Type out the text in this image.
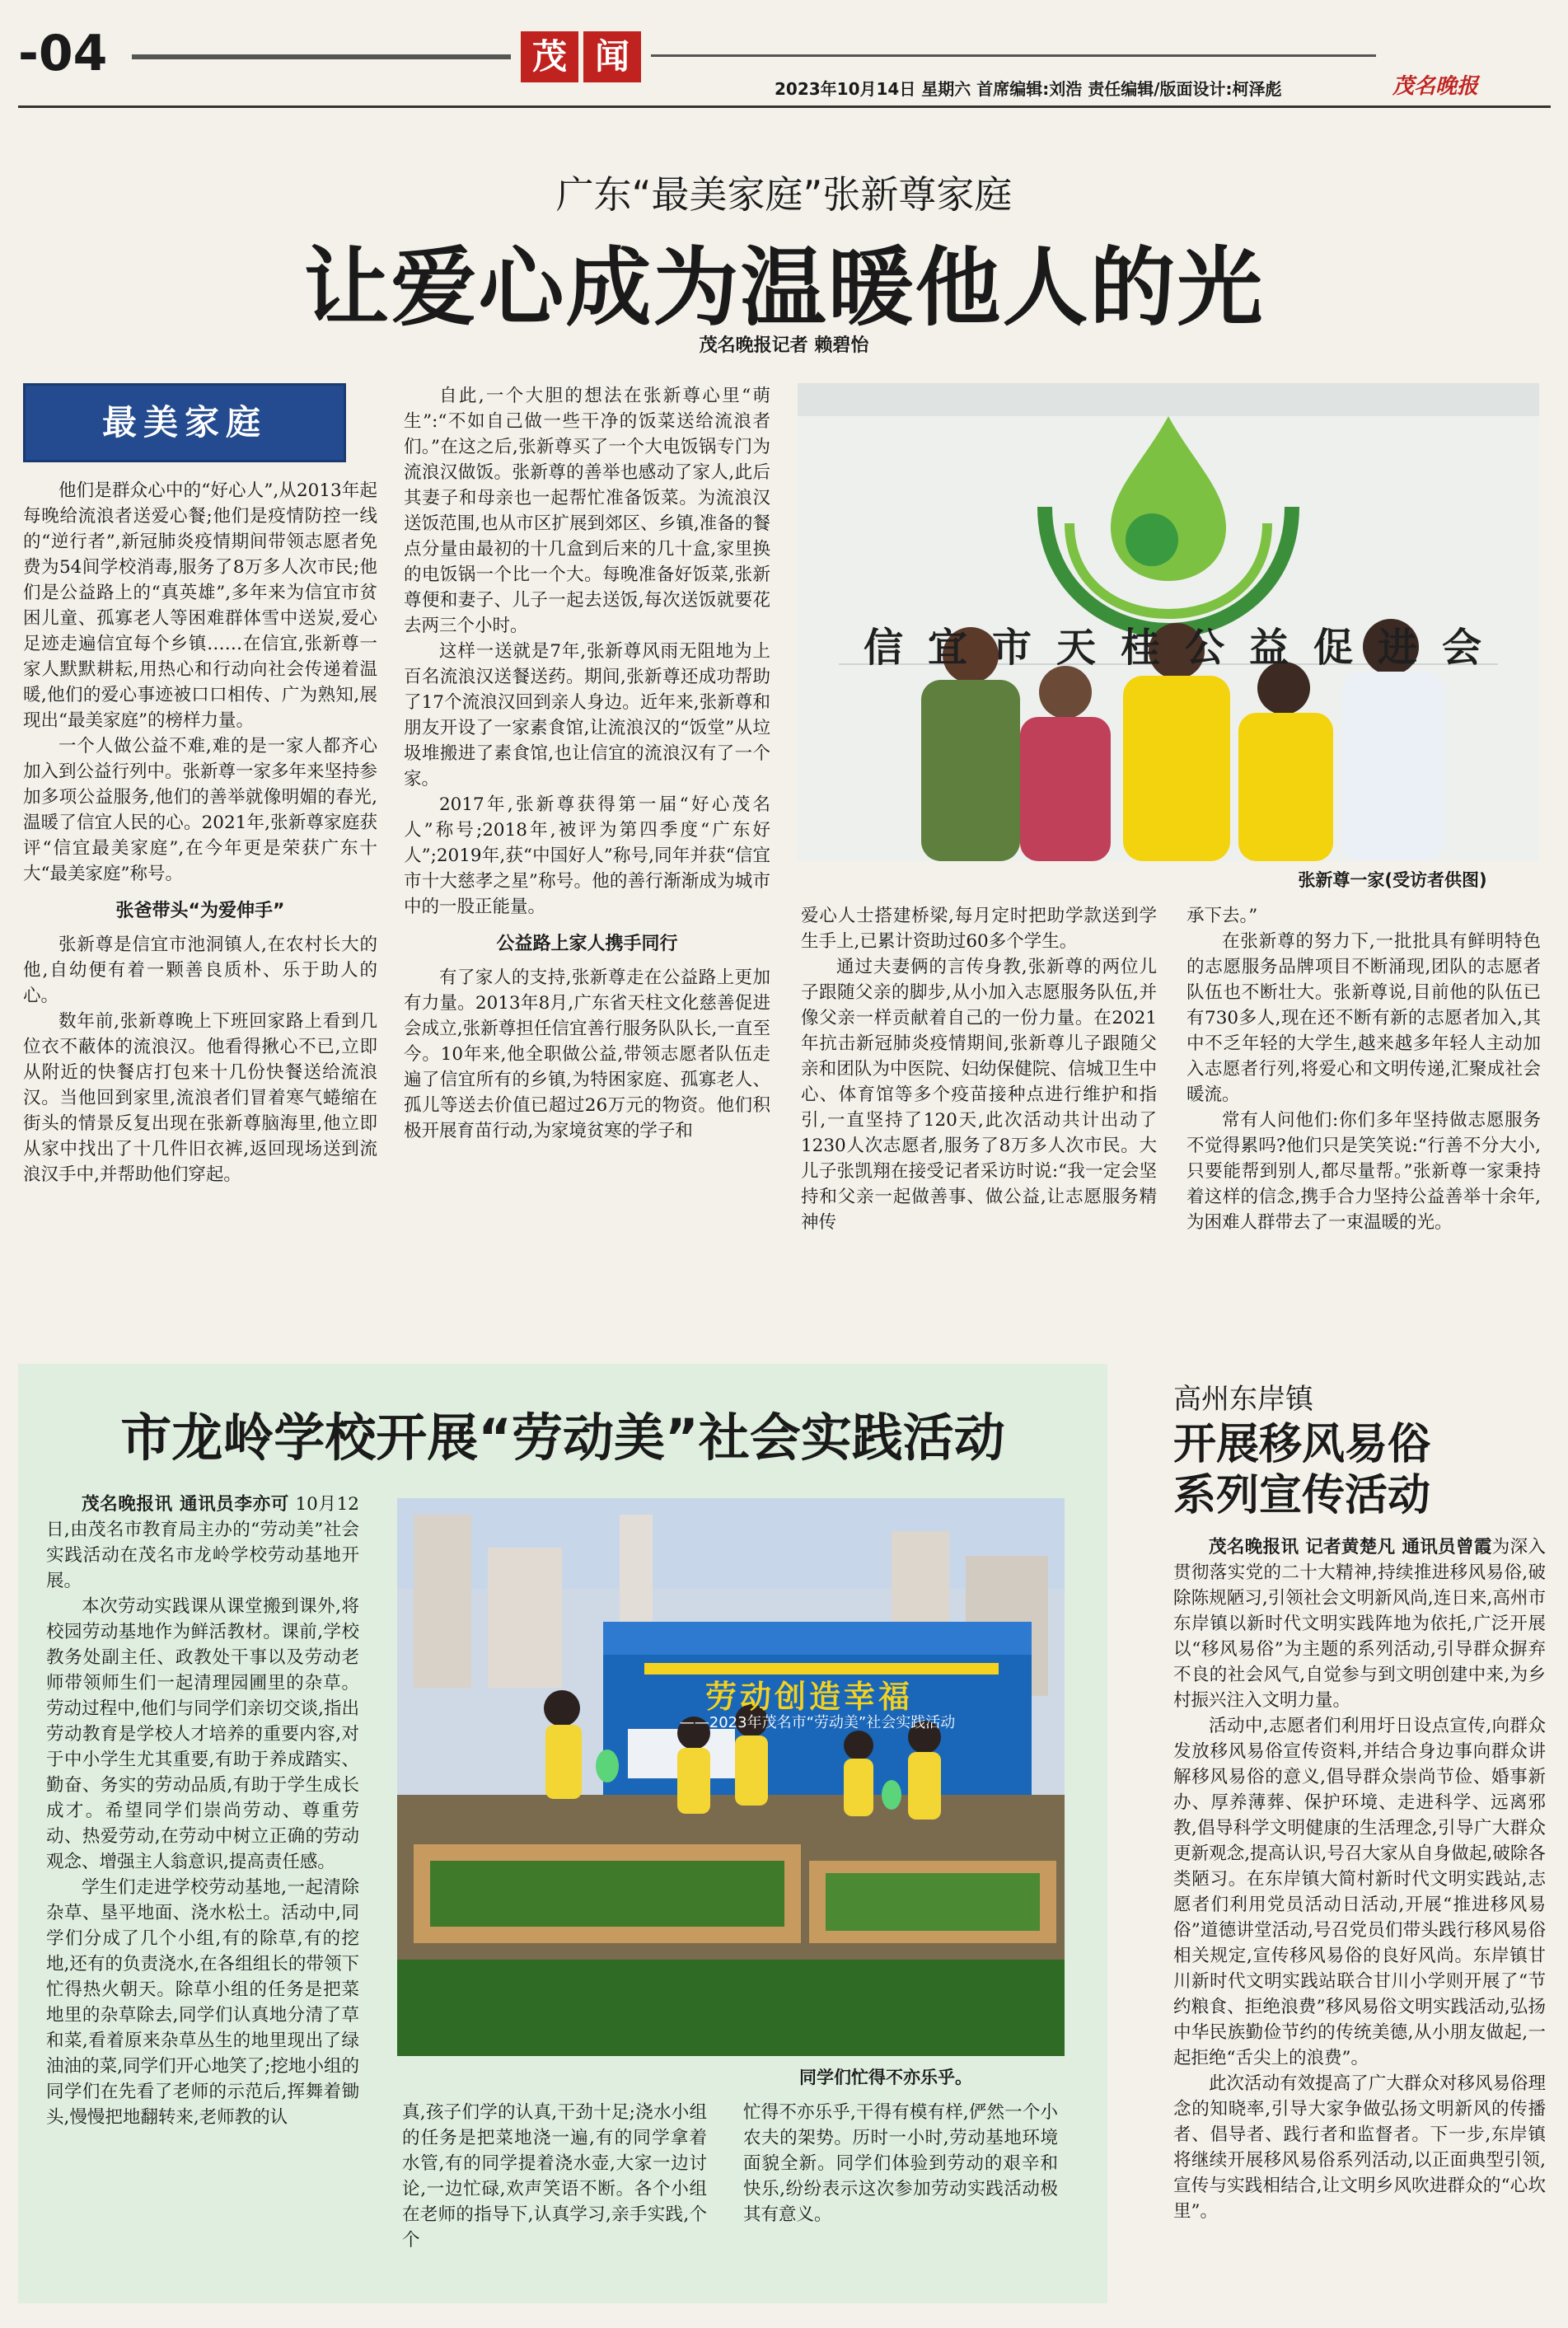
-04	茂 闻
2023年10月14日 星期六 首席编辑:刘浩 责任编辑/版面设计:柯泽彪	茂名晚报
广东“最美家庭”张新尊家庭
让爱心成为温暖他人的光
茂名晚报记者 赖碧怡
最美家庭

他们是群众心中的“好心人”,从2013年起每晚给流浪者送爱心餐;他们是疫情防控一线的“逆行者”,新冠肺炎疫情期间带领志愿者免费为54间学校消毒,服务了8万多人次市民;他们是公益路上的“真英雄”,多年来为信宜市贫困儿童、孤寡老人等困难群体雪中送炭,爱心足迹走遍信宜每个乡镇……在信宜,张新尊一家人默默耕耘,用热心和行动向社会传递着温暖,他们的爱心事迹被口口相传、广为熟知,展现出“最美家庭”的榜样力量。

一个人做公益不难,难的是一家人都齐心加入到公益行列中。张新尊一家多年来坚持参加多项公益服务,他们的善举就像明媚的春光,温暖了信宜人民的心。2021年,张新尊家庭获评“信宜最美家庭”,在今年更是荣获广东十大“最美家庭”称号。

张爸带头“为爱伸手”

张新尊是信宜市池洞镇人,在农村长大的他,自幼便有着一颗善良质朴、乐于助人的心。

数年前,张新尊晚上下班回家路上看到几位衣不蔽体的流浪汉。他看得揪心不已,立即从附近的快餐店打包来十几份快餐送给流浪汉。当他回到家里,流浪者们冒着寒气蜷缩在街头的情景反复出现在张新尊脑海里,他立即从家中找出了十几件旧衣裤,返回现场送到流浪汉手中,并帮助他们穿起。

自此,一个大胆的想法在张新尊心里“萌生”:“不如自己做一些干净的饭菜送给流浪者们。”在这之后,张新尊买了一个大电饭锅专门为流浪汉做饭。张新尊的善举也感动了家人,此后其妻子和母亲也一起帮忙准备饭菜。为流浪汉送饭范围,也从市区扩展到郊区、乡镇,准备的餐点分量由最初的十几盒到后来的几十盒,家里换的电饭锅一个比一个大。每晚准备好饭菜,张新尊便和妻子、儿子一起去送饭,每次送饭就要花去两三个小时。

这样一送就是7年,张新尊风雨无阻地为上百名流浪汉送餐送药。期间,张新尊还成功帮助了17个流浪汉回到亲人身边。近年来,张新尊和朋友开设了一家素食馆,让流浪汉的“饭堂”从垃圾堆搬进了素食馆,也让信宜的流浪汉有了一个家。

2017年,张新尊获得第一届“好心茂名人”称号;2018年,被评为第四季度“广东好人”;2019年,获“中国好人”称号,同年并获“信宜市十大慈孝之星”称号。他的善行渐渐成为城市中的一股正能量。

公益路上家人携手同行

有了家人的支持,张新尊走在公益路上更加有力量。2013年8月,广东省天柱文化慈善促进会成立,张新尊担任信宜善行服务队队长,一直至今。10年来,他全职做公益,带领志愿者队伍走遍了信宜所有的乡镇,为特困家庭、孤寡老人、孤儿等送去价值已超过26万元的物资。他们积极开展育苗行动,为家境贫寒的学子和

信宜市天桂公益促进会
张新尊一家(受访者供图)

爱心人士搭建桥梁,每月定时把助学款送到学生手上,已累计资助过60多个学生。

通过夫妻俩的言传身教,张新尊的两位儿子跟随父亲的脚步,从小加入志愿服务队伍,并像父亲一样贡献着自己的一份力量。在2021年抗击新冠肺炎疫情期间,张新尊儿子跟随父亲和团队为中医院、妇幼保健院、信城卫生中心、体育馆等多个疫苗接种点进行维护和指引,一直坚持了120天,此次活动共计出动了1230人次志愿者,服务了8万多人次市民。大儿子张凯翔在接受记者采访时说:“我一定会坚持和父亲一起做善事、做公益,让志愿服务精神传

承下去。”

在张新尊的努力下,一批批具有鲜明特色的志愿服务品牌项目不断涌现,团队的志愿者队伍也不断壮大。张新尊说,目前他的队伍已有730多人,现在还不断有新的志愿者加入,其中不乏年轻的大学生,越来越多年轻人主动加入志愿者行列,将爱心和文明传递,汇聚成社会暖流。

常有人问他们:你们多年坚持做志愿服务不觉得累吗?他们只是笑笑说:“行善不分大小,只要能帮到别人,都尽量帮。”张新尊一家秉持着这样的信念,携手合力坚持公益善举十余年,为困难人群带去了一束温暖的光。

市龙岭学校开展“劳动美”社会实践活动

茂名晚报讯 通讯员李亦可 10月12日,由茂名市教育局主办的“劳动美”社会实践活动在茂名市龙岭学校劳动基地开展。

本次劳动实践课从课堂搬到课外,将校园劳动基地作为鲜活教材。课前,学校教务处副主任、政教处干事以及劳动老师带领师生们一起清理园圃里的杂草。劳动过程中,他们与同学们亲切交谈,指出劳动教育是学校人才培养的重要内容,对于中小学生尤其重要,有助于养成踏实、勤奋、务实的劳动品质,有助于学生成长成才。希望同学们崇尚劳动、尊重劳动、热爱劳动,在劳动中树立正确的劳动观念、增强主人翁意识,提高责任感。

学生们走进学校劳动基地,一起清除杂草、垦平地面、浇水松土。活动中,同学们分成了几个小组,有的除草,有的挖地,还有的负责浇水,在各组组长的带领下忙得热火朝天。除草小组的任务是把菜地里的杂草除去,同学们认真地分清了草和菜,看着原来杂草丛生的地里现出了绿油油的菜,同学们开心地笑了;挖地小组的同学们在先看了老师的示范后,挥舞着锄头,慢慢把地翻转来,老师教的认

劳动创造幸福
——2023年茂名市“劳动美”社会实践活动
同学们忙得不亦乐乎。

真,孩子们学的认真,干劲十足;浇水小组的任务是把菜地浇一遍,有的同学拿着水管,有的同学提着浇水壶,大家一边讨论,一边忙碌,欢声笑语不断。各个小组在老师的指导下,认真学习,亲手实践,个个

忙得不亦乐乎,干得有模有样,俨然一个小农夫的架势。历时一小时,劳动基地环境面貌全新。同学们体验到劳动的艰辛和快乐,纷纷表示这次参加劳动实践活动极其有意义。

高州东岸镇
开展移风易俗
系列宣传活动

茂名晚报讯 记者黄楚凡 通讯员曾霞为深入贯彻落实党的二十大精神,持续推进移风易俗,破除陈规陋习,引领社会文明新风尚,连日来,高州市东岸镇以新时代文明实践阵地为依托,广泛开展以“移风易俗”为主题的系列活动,引导群众摒弃不良的社会风气,自觉参与到文明创建中来,为乡村振兴注入文明力量。

活动中,志愿者们利用圩日设点宣传,向群众发放移风易俗宣传资料,并结合身边事向群众讲解移风易俗的意义,倡导群众崇尚节俭、婚事新办、厚养薄葬、保护环境、走进科学、远离邪教,倡导科学文明健康的生活理念,引导广大群众更新观念,提高认识,号召大家从自身做起,破除各类陋习。在东岸镇大简村新时代文明实践站,志愿者们利用党员活动日活动,开展“推进移风易俗”道德讲堂活动,号召党员们带头践行移风易俗相关规定,宣传移风易俗的良好风尚。东岸镇甘川新时代文明实践站联合甘川小学则开展了“节约粮食、拒绝浪费”移风易俗文明实践活动,弘扬中华民族勤俭节约的传统美德,从小朋友做起,一起拒绝“舌尖上的浪费”。

此次活动有效提高了广大群众对移风易俗理念的知晓率,引导大家争做弘扬文明新风的传播者、倡导者、践行者和监督者。下一步,东岸镇将继续开展移风易俗系列活动,以正面典型引领,宣传与实践相结合,让文明乡风吹进群众的“心坎里”。
